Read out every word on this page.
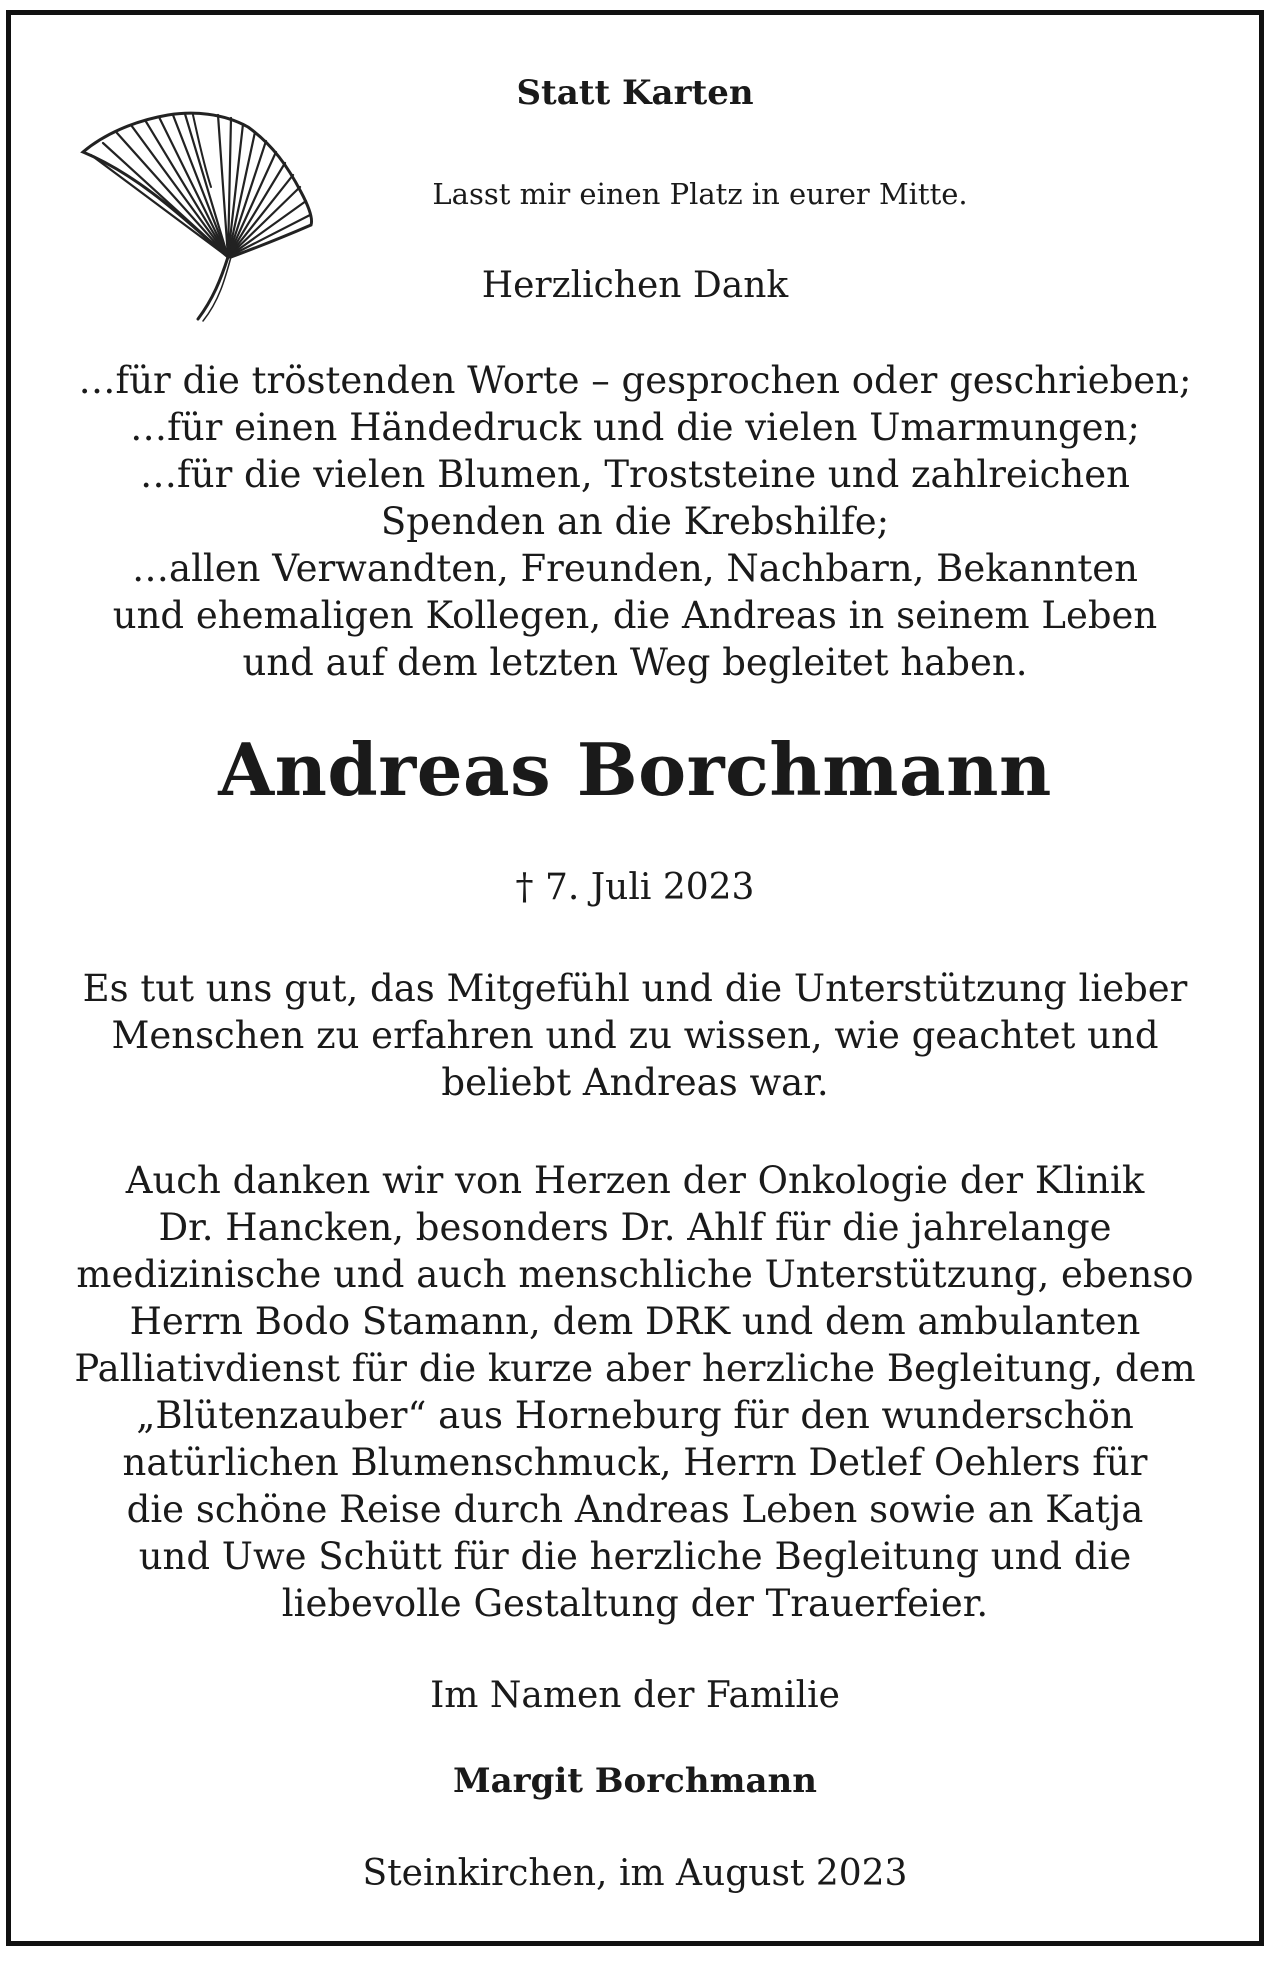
Statt Karten
Lasst mir einen Platz in eurer Mitte.
Herzlichen Dank
…für die tröstenden Worte – gesprochen oder geschrieben;
…für einen Händedruck und die vielen Umarmungen;
…für die vielen Blumen, Troststeine und zahlreichen
Spenden an die Krebshilfe;
…allen Verwandten, Freunden, Nachbarn, Bekannten
und ehemaligen Kollegen, die Andreas in seinem Leben
und auf dem letzten Weg begleitet haben.
Andreas Borchmann
† 7. Juli 2023
Es tut uns gut, das Mitgefühl und die Unterstützung lieber
Menschen zu erfahren und zu wissen, wie geachtet und
beliebt Andreas war.
Auch danken wir von Herzen der Onkologie der Klinik
Dr. Hancken, besonders Dr. Ahlf für die jahrelange
medizinische und auch menschliche Unterstützung, ebenso
Herrn Bodo Stamann, dem DRK und dem ambulanten
Palliativdienst für die kurze aber herzliche Begleitung, dem
„Blütenzauber“ aus Horneburg für den wunderschön
natürlichen Blumenschmuck, Herrn Detlef Oehlers für
die schöne Reise durch Andreas Leben sowie an Katja
und Uwe Schütt für die herzliche Begleitung und die
liebevolle Gestaltung der Trauerfeier.
Im Namen der Familie
Margit Borchmann
Steinkirchen, im August 2023
